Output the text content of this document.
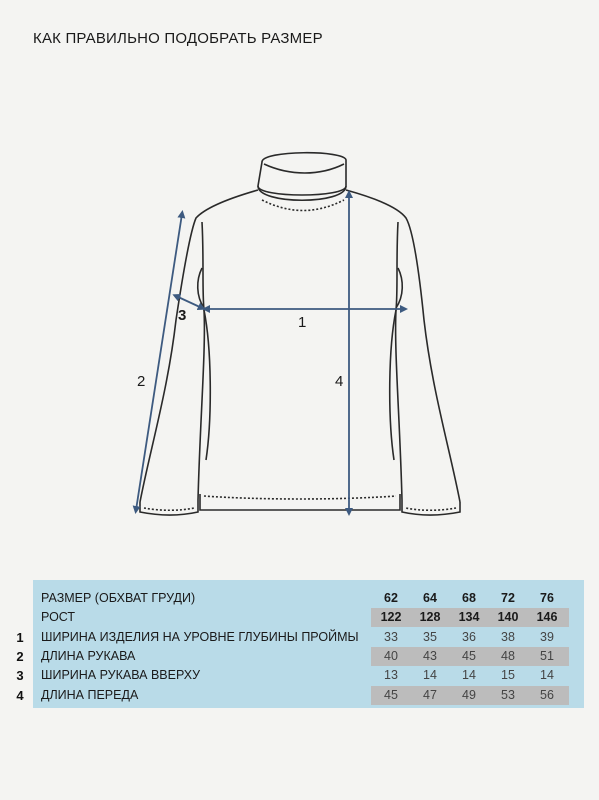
КАК ПРАВИЛЬНО ПОДОБРАТЬ РАЗМЕР
1
2
3
4
РАЗМЕР (ОБХВАТ ГРУДИ)	62	64	68	72	76
РОСТ	122	128	134	140	146
1 ШИРИНА ИЗДЕЛИЯ НА УРОВНЕ ГЛУБИНЫ ПРОЙМЫ	33	35	36	38	39
2 ДЛИНА РУКАВА	40	43	45	48	51
3 ШИРИНА РУКАВА ВВЕРХУ	13	14	14	15	14
4 ДЛИНА ПЕРЕДА	45	47	49	53	56
